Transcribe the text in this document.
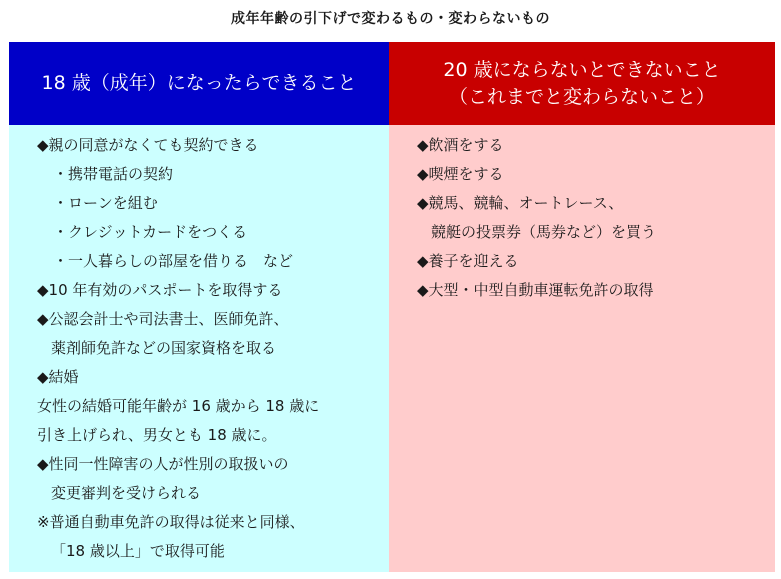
成年年齢の引下げで変わるもの・変わらないもの
18 歳（成年）になったらできること
◆親の同意がなくても契約できる
・携帯電話の契約
・ローンを組む
・クレジットカードをつくる
・一人暮らしの部屋を借りる　など
◆10 年有効のパスポートを取得する
◆公認会計士や司法書士、医師免許、
薬剤師免許などの国家資格を取る
◆結婚
女性の結婚可能年齢が 16 歳から 18 歳に
引き上げられ、男女とも 18 歳に。
◆性同一性障害の人が性別の取扱いの
変更審判を受けられる
※普通自動車免許の取得は従来と同様、
「18 歳以上」で取得可能
20 歳にならないとできないこと
（これまでと変わらないこと）
◆飲酒をする
◆喫煙をする
◆競馬、競輪、オートレース、
競艇の投票券（馬券など）を買う
◆養子を迎える
◆大型・中型自動車運転免許の取得
